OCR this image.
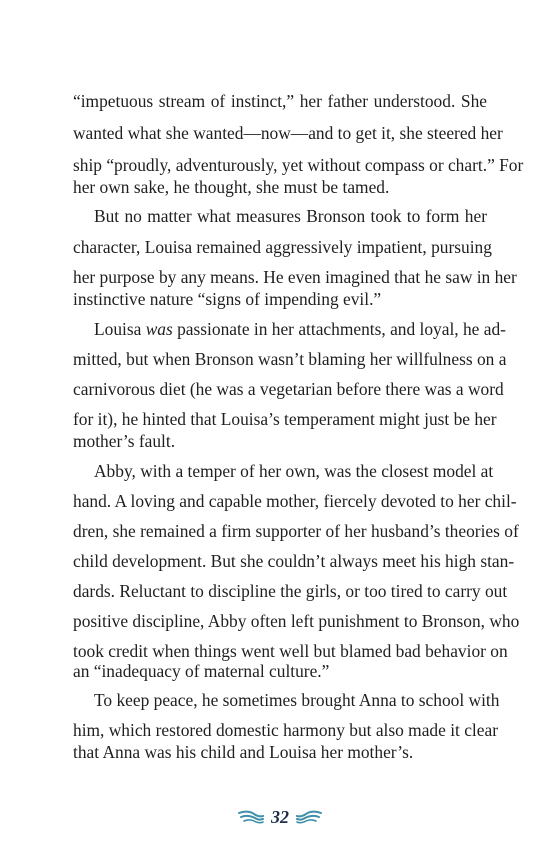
“impetuous stream of instinct,” her father understood. She
wanted what she wanted—now—and to get it, she steered her
ship “proudly, adventurously, yet without compass or chart.” For
her own sake, he thought, she must be tamed.
But no matter what measures Bronson took to form her
character, Louisa remained aggressively impatient, pursuing
her purpose by any means. He even imagined that he saw in her
instinctive nature “signs of impending evil.”
Louisa was passionate in her attachments, and loyal, he ad-
mitted, but when Bronson wasn’t blaming her willfulness on a
carnivorous diet (he was a vegetarian before there was a word
for it), he hinted that Louisa’s temperament might just be her
mother’s fault.
Abby, with a temper of her own, was the closest model at
hand. A loving and capable mother, fiercely devoted to her chil-
dren, she remained a firm supporter of her husband’s theories of
child development. But she couldn’t always meet his high stan-
dards. Reluctant to discipline the girls, or too tired to carry out
positive discipline, Abby often left punishment to Bronson, who
took credit when things went well but blamed bad behavior on
an “inadequacy of maternal culture.”
To keep peace, he sometimes brought Anna to school with
him, which restored domestic harmony but also made it clear
that Anna was his child and Louisa her mother’s.
32
